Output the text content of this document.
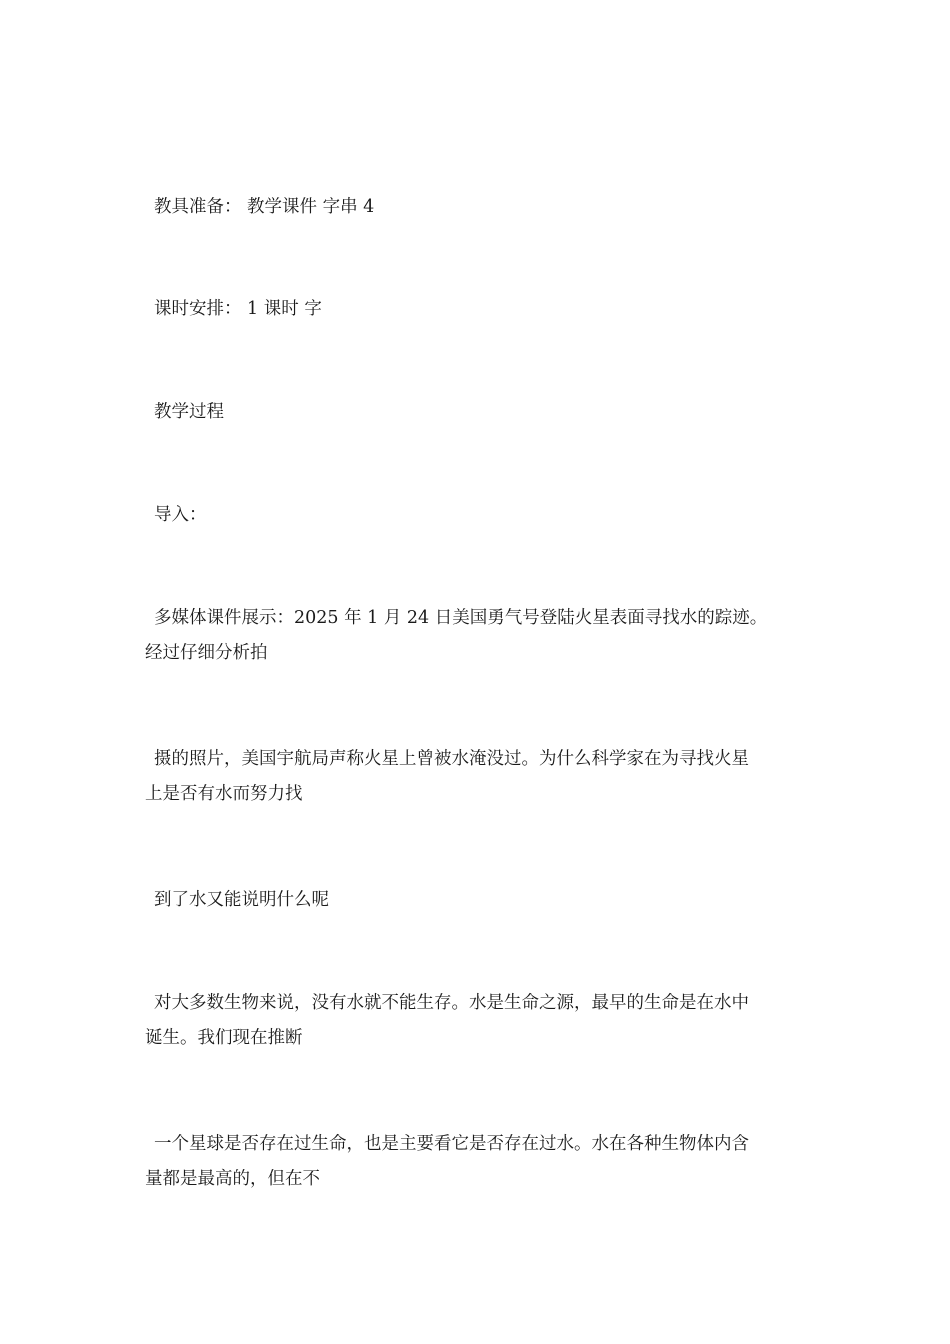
教具准备： 教学课件 字串 4

课时安排： 1 课时 字

教学过程

导入：

多媒体课件展示：2025 年 1 月 24 日美国勇气号登陆火星表面寻找水的踪迹。
经过仔细分析拍

摄的照片，美国宇航局声称火星上曾被水淹没过。为什么科学家在为寻找火星
上是否有水而努力找

到了水又能说明什么呢

对大多数生物来说，没有水就不能生存。水是生命之源，最早的生命是在水中
诞生。我们现在推断

一个星球是否存在过生命，也是主要看它是否存在过水。水在各种生物体内含
量都是最高的，但在不
